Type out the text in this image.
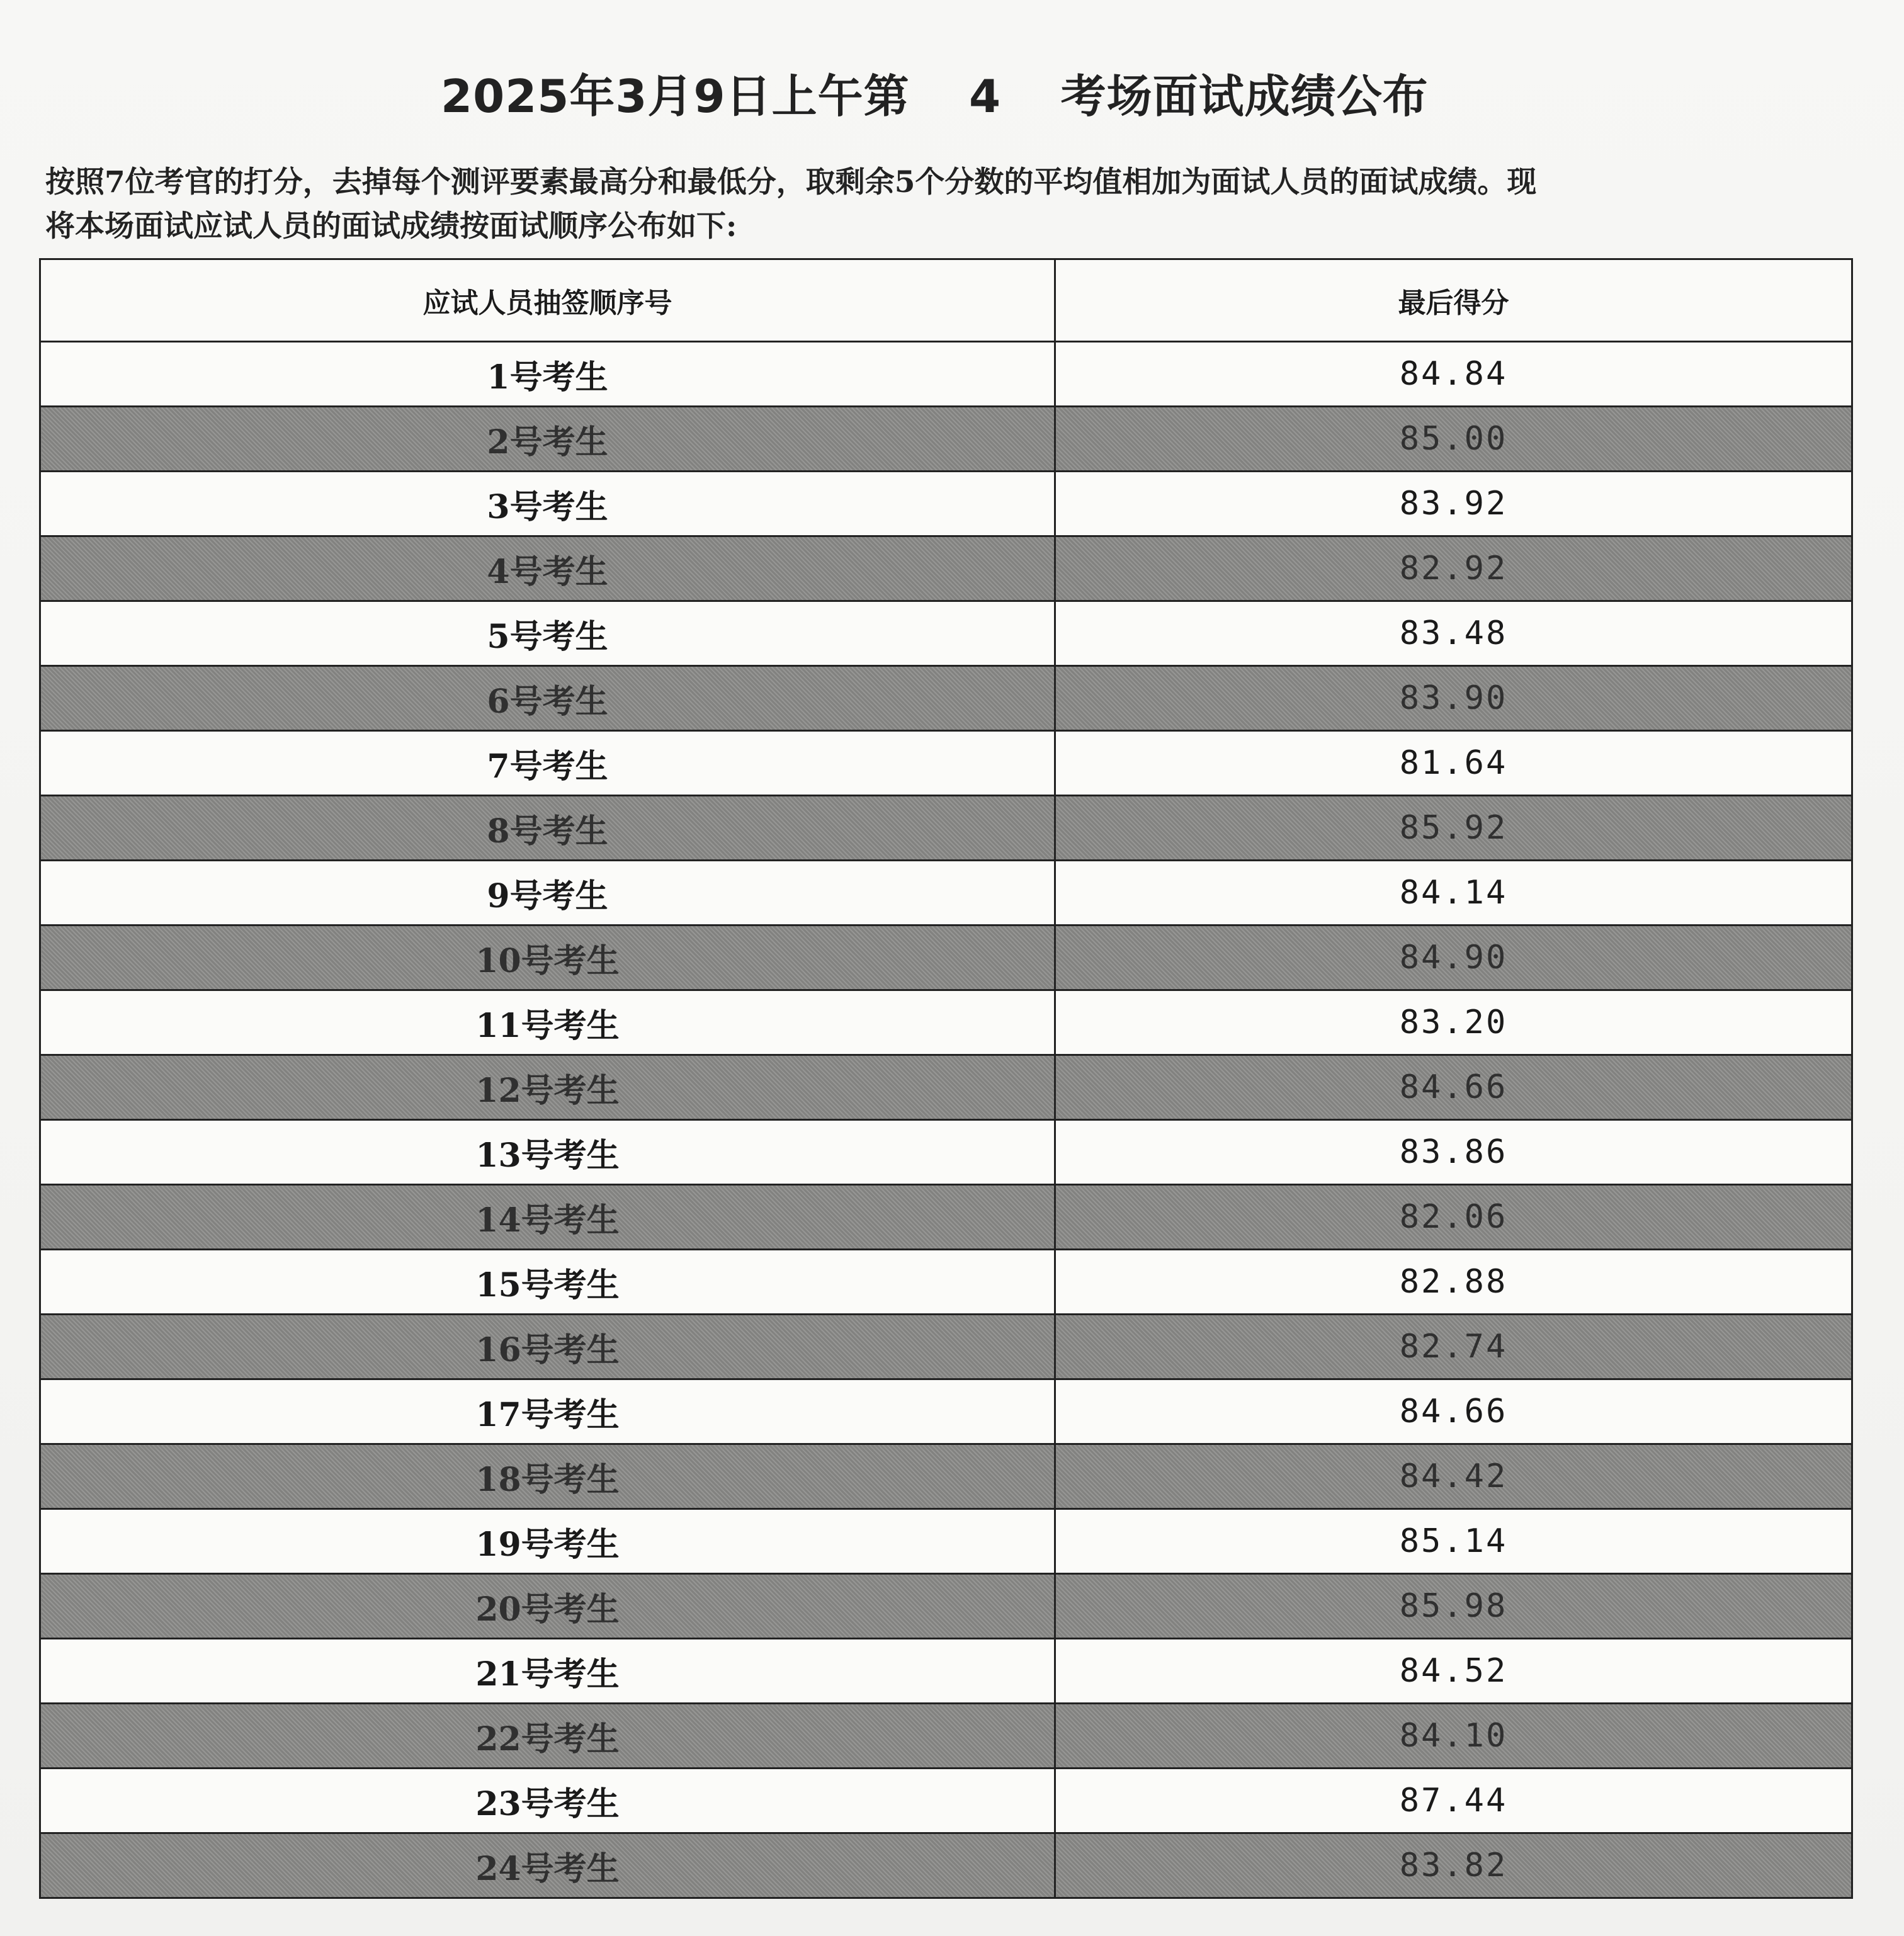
2025年3月9日上午第 4 考场面试成绩公布
按照7位考官的打分，去掉每个测评要素最高分和最低分，取剩余5个分数的平均值相加为面试人员的面试成绩。现
将本场面试应试人员的面试成绩按面试顺序公布如下:
应试人员抽签顺序号	最后得分
1号考生	84.84
2号考生	85.00
3号考生	83.92
4号考生	82.92
5号考生	83.48
6号考生	83.90
7号考生	81.64
8号考生	85.92
9号考生	84.14
10号考生	84.90
11号考生	83.20
12号考生	84.66
13号考生	83.86
14号考生	82.06
15号考生	82.88
16号考生	82.74
17号考生	84.66
18号考生	84.42
19号考生	85.14
20号考生	85.98
21号考生	84.52
22号考生	84.10
23号考生	87.44
24号考生	83.82
